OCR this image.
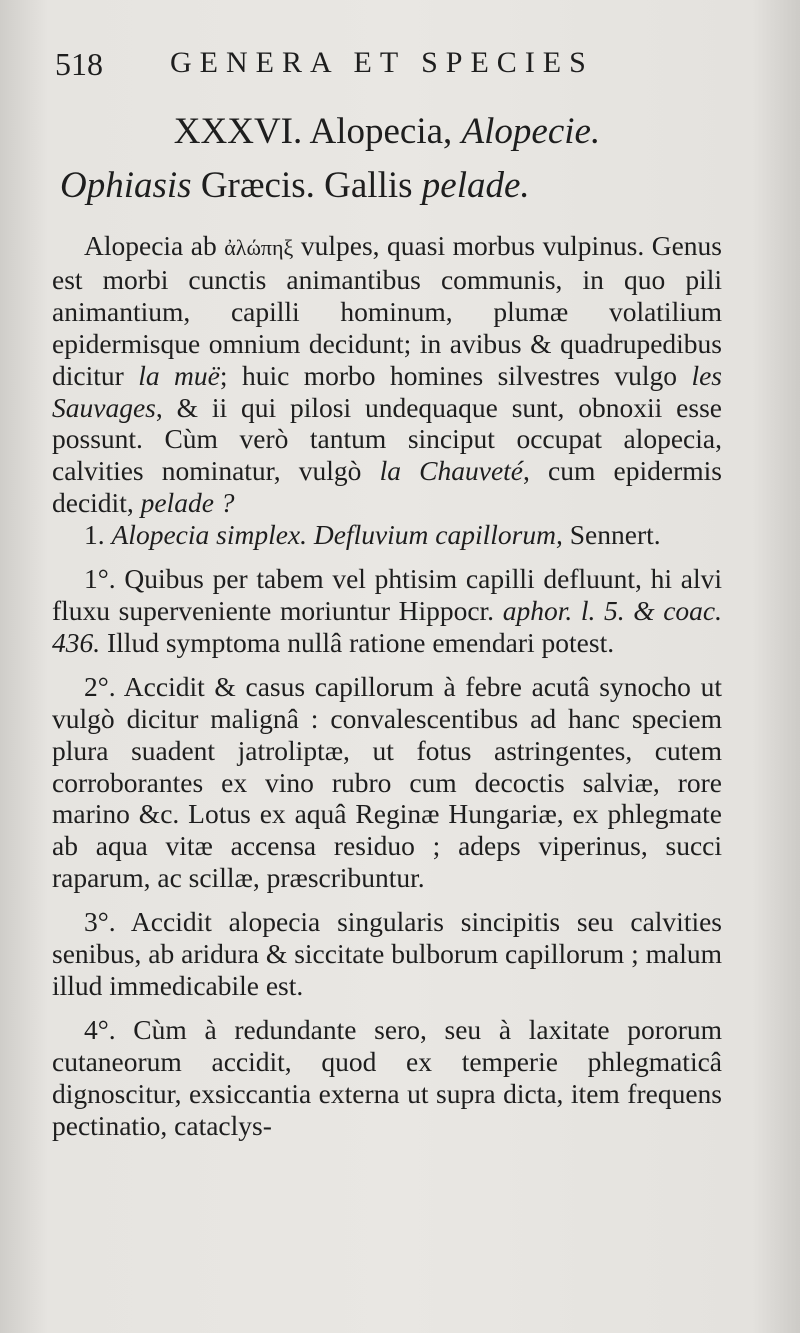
518 GENERA ET SPECIES
XXXVI. Alopecia, Alopecie.
Ophiasis Græcis. Gallis pelade.

Alopecia ab ἀλώπηξ vulpes, quasi morbus vulpinus. Genus est morbi cunctis animantibus communis, in quo pili animantium, capilli hominum, plumæ volatilium epidermisque omnium decidunt; in avibus & quadrupedibus dicitur la muë; huic morbo homines silvestres vulgo les Sauvages, & ii qui pilosi undequaque sunt, obnoxii esse possunt. Cùm verò tantum sinciput occupat alopecia, calvities nominatur, vulgò la Chauveté, cum epidermis decidit, pelade ?

1. Alopecia simplex. Defluvium capillorum, Sennert.

1°. Quibus per tabem vel phtisim capilli defluunt, hi alvi fluxu superveniente moriuntur Hippocr. aphor. l. 5. & coac. 436. Illud symptoma nullâ ratione emendari potest.

2°. Accidit & casus capillorum à febre acutâ synocho ut vulgò dicitur malignâ : convalescentibus ad hanc speciem plura suadent jatroliptæ, ut fotus astringentes, cutem corroborantes ex vino rubro cum decoctis salviæ, rore marino &c. Lotus ex aquâ Reginæ Hungariæ, ex phlegmate ab aqua vitæ accensa residuo ; adeps viperinus, succi raparum, ac scillæ, præscribuntur.

3°. Accidit alopecia singularis sincipitis seu calvities senibus, ab aridura & siccitate bulborum capillorum ; malum illud immedicabile est.

4°. Cùm à redundante sero, seu à laxitate pororum cutaneorum accidit, quod ex temperie phlegmaticâ dignoscitur, exsiccantia externa ut supra dicta, item frequens pectinatio, cataclys-
